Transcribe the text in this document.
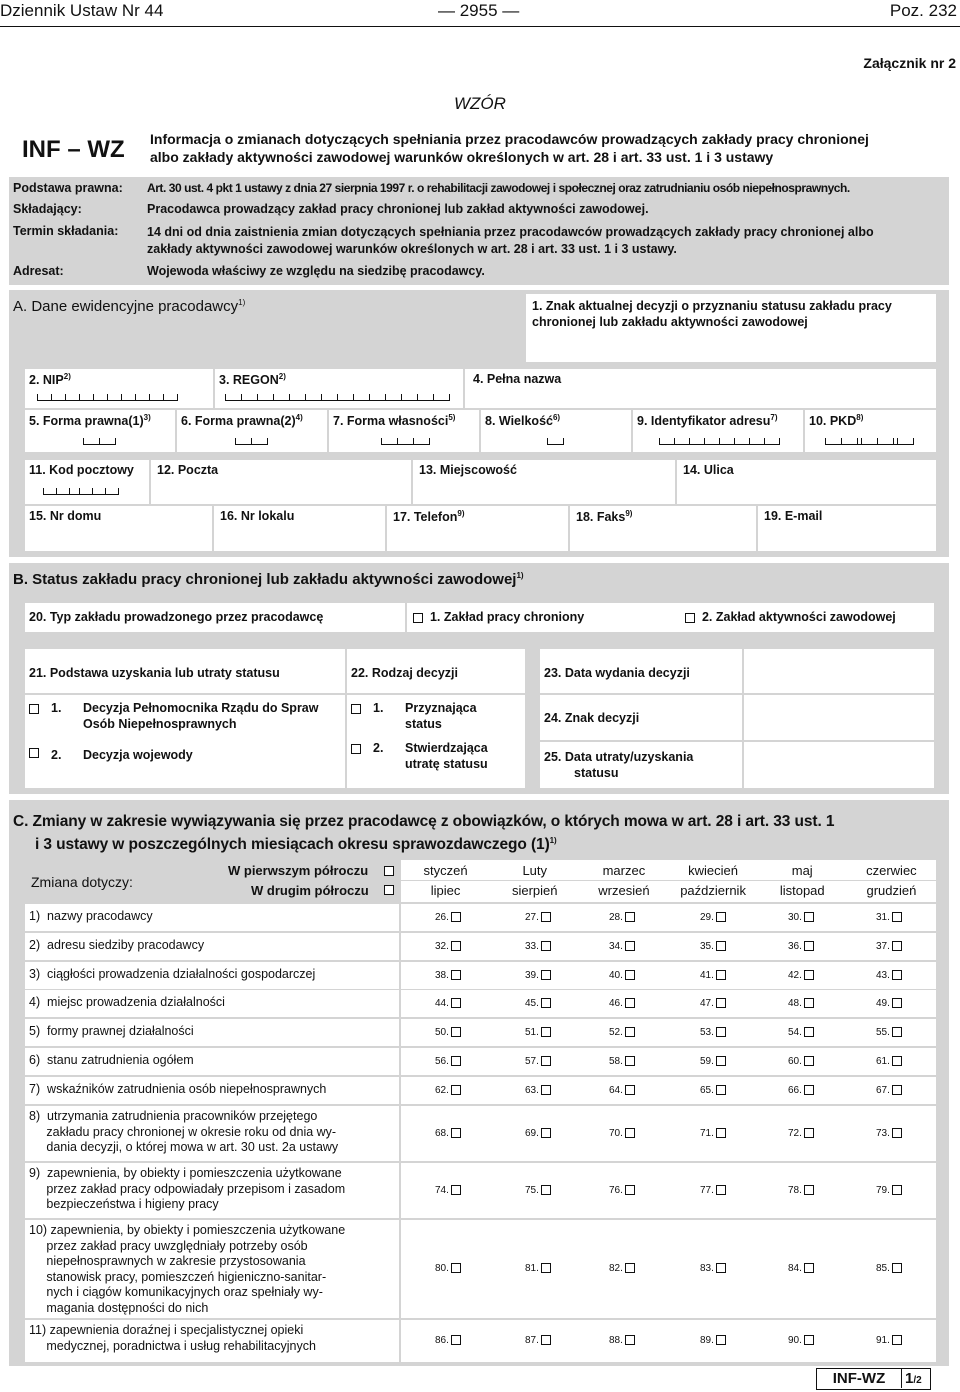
Dziennik Ustaw Nr 44	— 2955 —	Poz. 232
Załącznik nr 2
WZÓR
INF – WZ Informacja o zmianach dotyczących spełniania przez pracodawców prowadzących zakłady pracy chronionej
albo zakłady aktywności zawodowej warunków określonych w art. 28 i art. 33 ust. 1 i 3 ustawy
Podstawa prawna: Art. 30 ust. 4 pkt 1 ustawy z dnia 27 sierpnia 1997 r. o rehabilitacji zawodowej i społecznej oraz zatrudnianiu osób niepełnosprawnych.
Składający:	Pracodawca prowadzący zakład pracy chronionej lub zakład aktywności zawodowej.
Termin składania: 14 dni od dnia zaistnienia zmian dotyczących spełniania przez pracodawców prowadzących zakłady pracy chronionej albo
zakłady aktywności zawodowej warunków określonych w art. 28 i art. 33 ust. 1 i 3 ustawy.
Adresat:	Wojewoda właściwy ze względu na siedzibę pracodawcy.
A. Dane ewidencyjne pracodawcy$^{1)}$	1. Znak aktualnej decyzji o przyznaniu statusu zakładu pracy
chronionej lub zakładu aktywności zawodowej
2. NIP$^{2)}$	3. REGON$^{2)}$	4. Pełna nazwa
5. Forma $prawna(1)^{3)}$ 6. Forma $prawna(2)^{4)}$ 7. Forma własności$^{5)}$ 8. Wielkość$^{6)}$	9. Identyfikator adresu$^{7)}$	10. PKD$^{8)}$
11. Kod pocztowy 12. Poczta	13. Miejscowość	14. Ulica
15. Nr domu	16. Nr lokalu	17. Telefon$^{9)}$	18. Faks$^{9)}$	19. E-mail
B. Status zakładu pracy chronionej lub zakładu aktywności zawodowej$^{1)}$
20. Typ zakładu prowadzonego przez pracodawcę	1. Zakład pracy chroniony	2. Zakład aktywności zawodowej
21. Podstawa uzyskania lub utraty statusu
1. Decyzja Pełnomocnika Rządu do Spraw
Osób Niepełnosprawnych
2. Decyzja wojewody
22. Rodzaj decyzji
1. Przyznająca
status
2. Stwierdzająca
utratę statusu
23. Data wydania decyzji
24. Znak decyzji
25. Data utraty/uzyskania
statusu
C. Zmiany w zakresie wywiązywania się przez pracodawcę z obowiązków, o których mowa w art. 28 i art. 33 ust. 1
i 3 ustawy w poszczególnych miesiącach okresu sprawozdawczego $(1)^{1)}$
Zmiana dotyczy:
W pierwszym półroczu
W drugim półroczu
styczeń	Luty	marzec	kwiecień	maj	czerwiec
lipiec	sierpień	wrzesień	październik	listopad	grudzień
1)  nazwy pracodawcy	26.	27.	28.	29.	30.	31.
2)  adresu siedziby pracodawcy	32.	33.	34.	35.	36.	37.
3)  ciągłości prowadzenia działalności gospodarczej	38.	39.	40.	41.	42.	43.
4)  miejsc prowadzenia działalności	44.	45.	46.	47.	48.	49.
5)  formy prawnej działalności	50.	51.	52.	53.	54.	55.
6)  stanu zatrudnienia ogółem	56.	57.	58.	59.	60.	61.
7)  wskaźników zatrudnienia osób niepełnosprawnych	62.	63.	64.	65.	66.	67.
8)  utrzymania zatrudnienia pracowników przejętego
zakładu pracy chronionej w okresie roku od dnia wy-
dania decyzji, o której mowa w art. 30 ust. 2a ustawy
68.	69.	70.	71.	72.	73.
9)  zapewnienia, by obiekty i pomieszczenia użytkowane
przez zakład pracy odpowiadały przepisom i zasadom
bezpieczeństwa i higieny pracy
74.	75.	76.	77.	78.	79.
10) zapewnienia, by obiekty i pomieszczenia użytkowane
przez zakład pracy uwzględniały potrzeby osób
niepełnosprawnych w zakresie przystosowania
stanowisk pracy, pomieszczeń higieniczno-sanitar-
nych i ciągów komunikacyjnych oraz spełniały wy-
magania dostępności do nich
80.	81.	82.	83.	84.	85.
11) zapewnienia doraźnej i specjalistycznej opieki
medycznej, poradnictwa i usług rehabilitacyjnych	86.	87.	88.	89.	90.	91.
INF-WZ	1/2
